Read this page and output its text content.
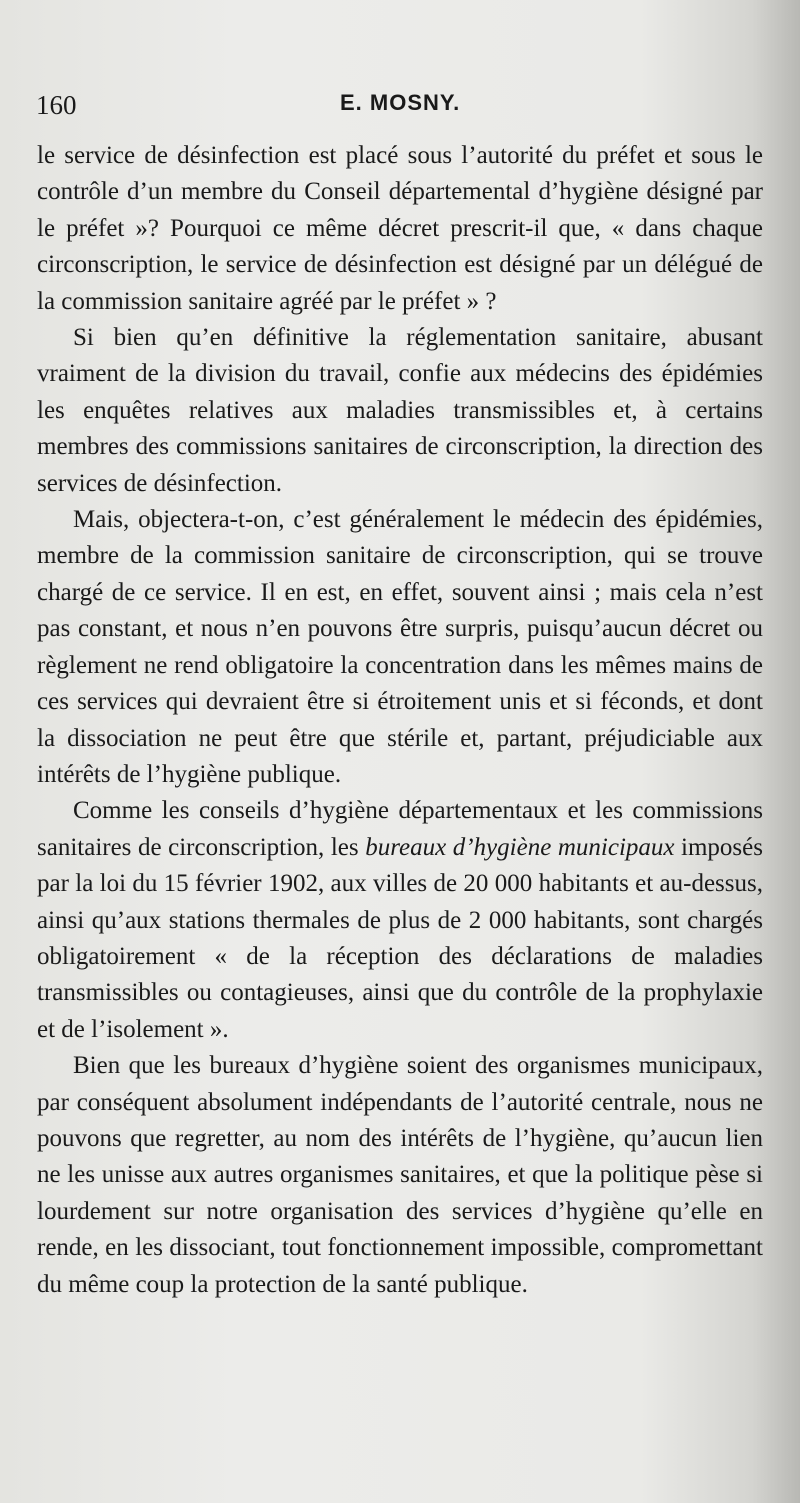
160	E. MOSNY.

le service de désinfection est placé sous l’autorité du préfet et sous le contrôle d’un membre du Conseil départemental d’hygiène désigné par le préfet »? Pourquoi ce même décret prescrit-il que, « dans chaque circonscription, le service de désinfection est désigné par un délégué de la commission sanitaire agréé par le préfet » ?

Si bien qu’en définitive la réglementation sanitaire, abusant vraiment de la division du travail, confie aux médecins des épidémies les enquêtes relatives aux maladies transmissibles et, à certains membres des commissions sanitaires de circonscription, la direction des services de désinfection.

Mais, objectera-t-on, c’est généralement le médecin des épidémies, membre de la commission sanitaire de circonscription, qui se trouve chargé de ce service. Il en est, en effet, souvent ainsi ; mais cela n’est pas constant, et nous n’en pouvons être surpris, puisqu’aucun décret ou règlement ne rend obligatoire la concentration dans les mêmes mains de ces services qui devraient être si étroitement unis et si féconds, et dont la dissociation ne peut être que stérile et, partant, préjudiciable aux intérêts de l’hygiène publique.

Comme les conseils d’hygiène départementaux et les commissions sanitaires de circonscription, les bureaux d’hygiène municipaux imposés par la loi du 15 février 1902, aux villes de 20 000 habitants et au-dessus, ainsi qu’aux stations thermales de plus de 2 000 habitants, sont chargés obligatoirement « de la réception des déclarations de maladies transmissibles ou contagieuses, ainsi que du contrôle de la prophylaxie et de l’isolement ».

Bien que les bureaux d’hygiène soient des organismes municipaux, par conséquent absolument indépendants de l’autorité centrale, nous ne pouvons que regretter, au nom des intérêts de l’hygiène, qu’aucun lien ne les unisse aux autres organismes sanitaires, et que la politique pèse si lourdement sur notre organisation des services d’hygiène qu’elle en rende, en les dissociant, tout fonctionnement impossible, compromettant du même coup la protection de la santé publique.
